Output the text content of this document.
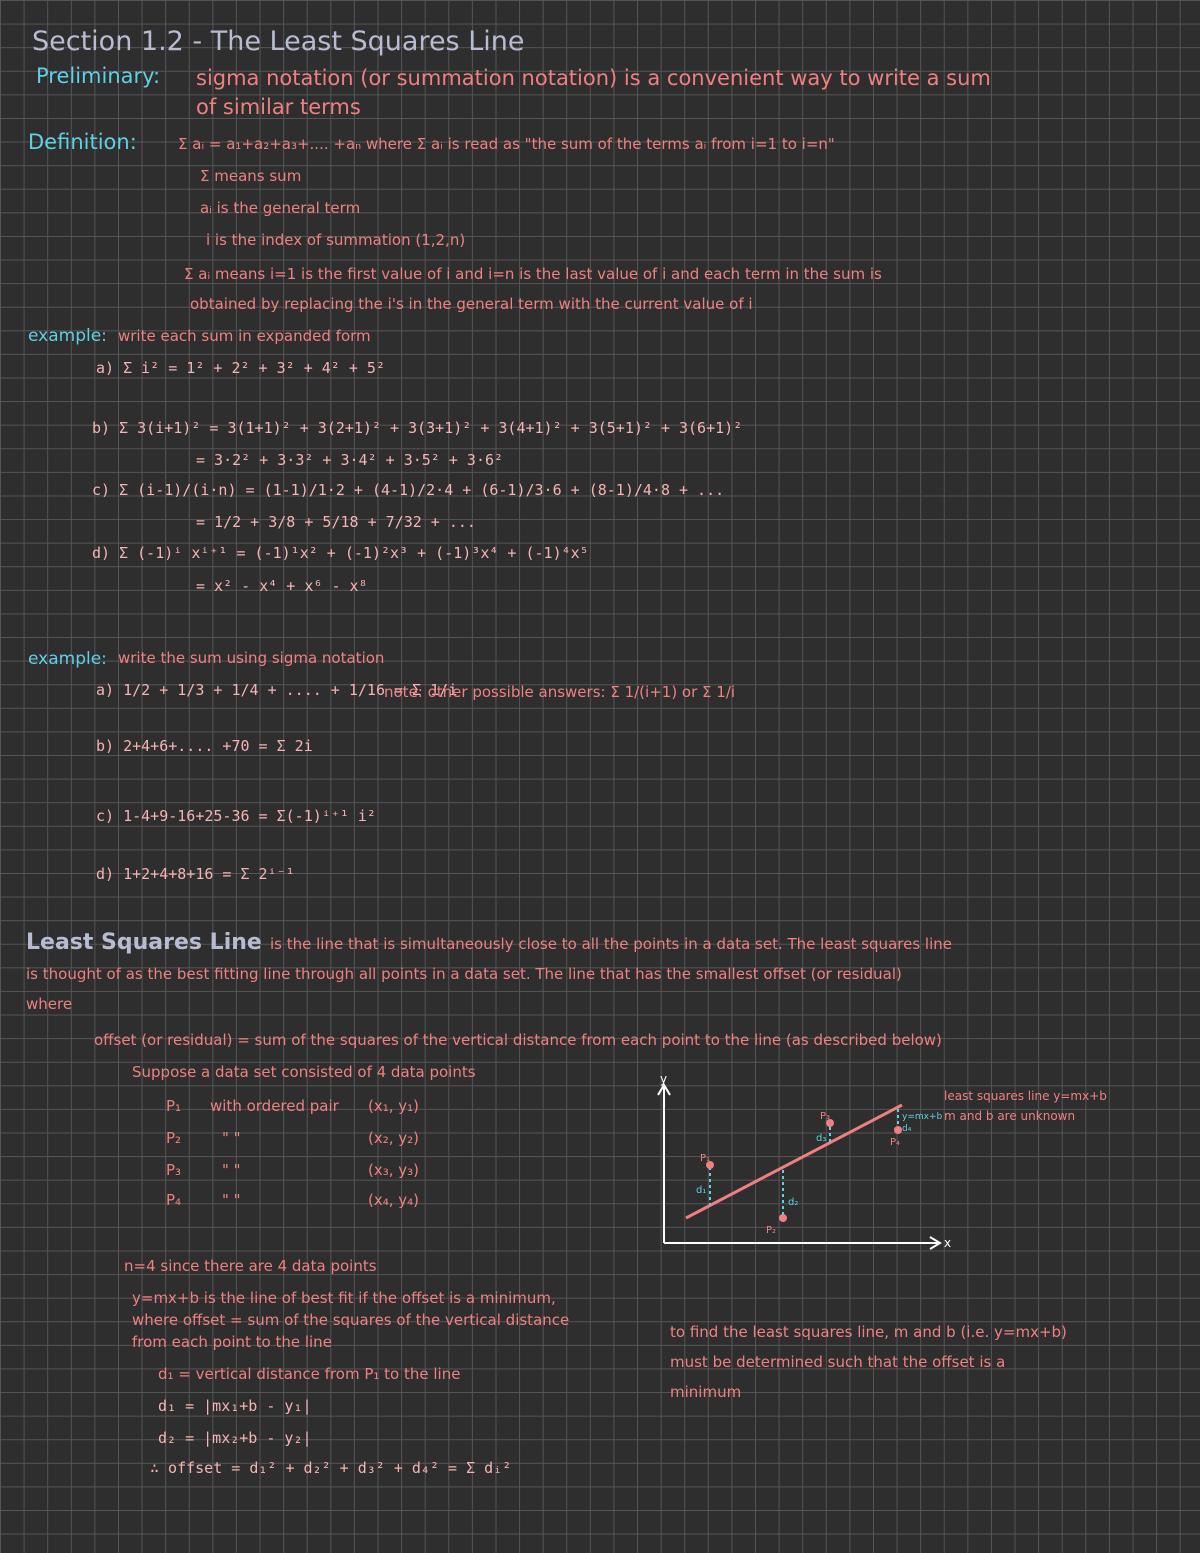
Section 1.2 - The Least Squares Line
Preliminary: sigma notation (or summation notation) is a convenient way to write a sum
of similar terms
Definition:	Σ aᵢ = a₁+a₂+a₃+.... +aₙ where Σ aᵢ is read as "the sum of the terms aᵢ from i=1 to i=n"
Σ means sum
aᵢ is the general term
i is the index of summation (1,2,n)
Σ aᵢ means i=1 is the first value of i and i=n is the last value of i and each term in the sum is
obtained by replacing the i's in the general term with the current value of i
example: write each sum in expanded form
a) Σ i² = 1² + 2² + 3² + 4² + 5²
b) Σ 3(i+1)² = 3(1+1)² + 3(2+1)² + 3(3+1)² + 3(4+1)² + 3(5+1)² + 3(6+1)²
= 3·2² + 3·3² + 3·4² + 3·5² + 3·6²
c) Σ (i-1)/(i·n) = (1-1)/1·2 + (4-1)/2·4 + (6-1)/3·6 + (8-1)/4·8 + ...
= 1/2 + 3/8 + 5/18 + 7/32 + ...
d) Σ (-1)ⁱ xⁱ⁺¹ = (-1)¹x² + (-1)²x³ + (-1)³x⁴ + (-1)⁴x⁵
= x² - x⁴ + x⁶ - x⁸
example: write the sum using sigma notation
a) 1/2 + 1/3 + 1/4 + .... + 1/16 = Σ 1/i
note: other possible answers: Σ 1/(i+1) or Σ 1/i
b) 2+4+6+.... +70 = Σ 2i
c) 1-4+9-16+25-36 = Σ(-1)ⁱ⁺¹ i²
d) 1+2+4+8+16 = Σ 2ⁱ⁻¹
Least Squares Line is the line that is simultaneously close to all the points in a data set. The least squares line
is thought of as the best fitting line through all points in a data set. The line that has the smallest offset (or residual)
where
offset (or residual) = sum of the squares of the vertical distance from each point to the line (as described below)
Suppose a data set consisted of 4 data points
P₁ with ordered pair (x₁, y₁)
P₂	" "	(x₂, y₂)
P₃	" "	(x₃, y₃)
P₄	" "	(x₄, y₄)
n=4 since there are 4 data points
y=mx+b is the line of best fit if the offset is a minimum,
where offset = sum of the squares of the vertical distance
from each point to the line
d₁ = vertical distance from P₁ to the line
d₁ = |mx₁+b - y₁|
d₂ = |mx₂+b - y₂|
∴ offset = d₁² + d₂² + d₃² + d₄² = Σ dᵢ²
to find the least squares line, m and b (i.e. y=mx+b)
must be determined such that the offset is a
minimum
least squares line y=mx+b
m and b are unknown
y
x
y=mx+b
d₁
P₁
d₂
P₂
P₃
d₃	P₄
d₄
